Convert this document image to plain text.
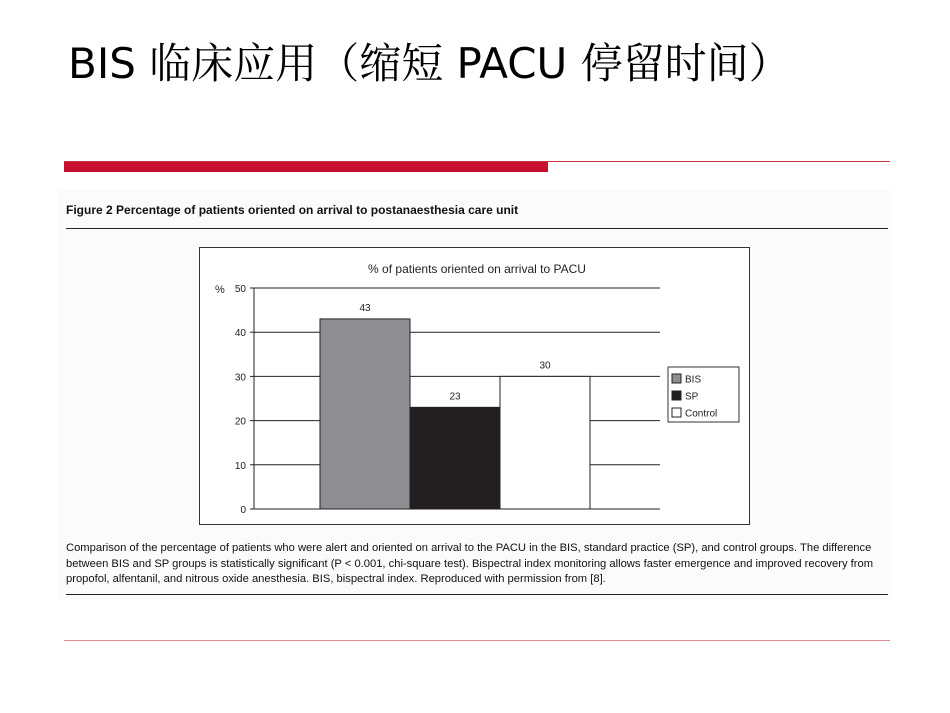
BIS 临床应用（缩短 PACU 停留时间）
Figure 2 Percentage of patients oriented on arrival to postanaesthesia care unit
% of patients oriented on arrival to PACU
%
0
10
20
30
40
50
43
23
30
BIS
SP
Control
Comparison of the percentage of patients who were alert and oriented on arrival to the PACU in the BIS, standard practice (SP), and control groups. The difference between BIS and SP groups is statistically significant (P < 0.001, chi-square test). Bispectral index monitoring allows faster emergence and improved recovery from propofol, alfentanil, and nitrous oxide anesthesia. BIS, bispectral index. Reproduced with permission from [8].
